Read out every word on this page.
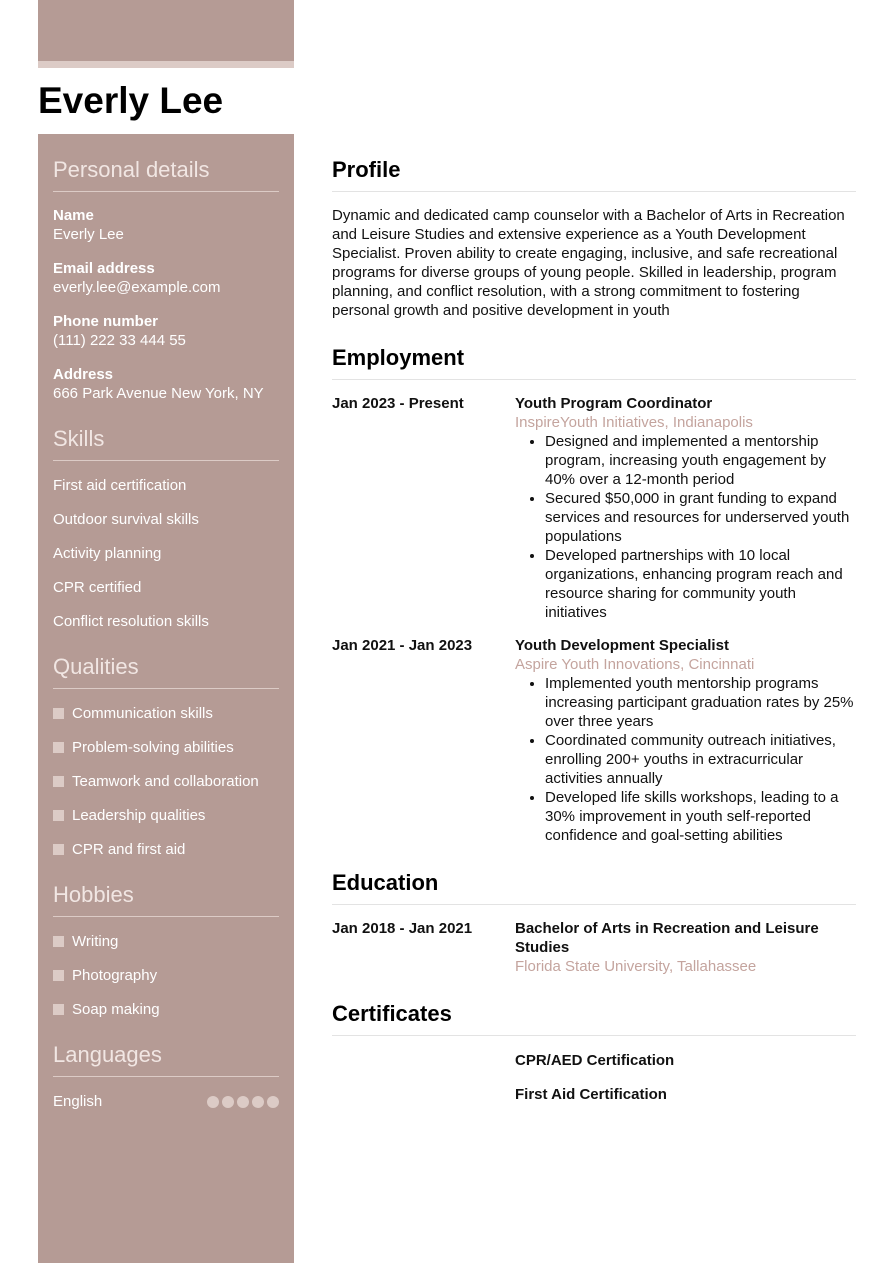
Everly Lee
Personal details
Name
Everly Lee
Email address
everly.lee@example.com
Phone number
(111) 222 33 444 55
Address
666 Park Avenue New York, NY
Skills
First aid certification
Outdoor survival skills
Activity planning
CPR certified
Conflict resolution skills
Qualities
Communication skills
Problem-solving abilities
Teamwork and collaboration
Leadership qualities
CPR and first aid
Hobbies
Writing
Photography
Soap making
Languages
English
Profile

Dynamic and dedicated camp counselor with a Bachelor of Arts in Recreation and Leisure Studies and extensive experience as a Youth Development Specialist. Proven ability to create engaging, inclusive, and safe recreational programs for diverse groups of young people. Skilled in leadership, program planning, and conflict resolution, with a strong commitment to fostering personal growth and positive development in youth

Employment
Jan 2023 - Present	Youth Program Coordinator
InspireYouth Initiatives, Indianapolis
• Designed and implemented a mentorship program, increasing youth engagement by 40% over a 12-month period
• Secured $50,000 in grant funding to expand services and resources for underserved youth populations
• Developed partnerships with 10 local organizations, enhancing program reach and resource sharing for community youth initiatives
Jan 2021 - Jan 2023	Youth Development Specialist
Aspire Youth Innovations, Cincinnati
• Implemented youth mentorship programs increasing participant graduation rates by 25% over three years
• Coordinated community outreach initiatives, enrolling 200+ youths in extracurricular activities annually
• Developed life skills workshops, leading to a 30% improvement in youth self-reported confidence and goal-setting abilities
Education
Jan 2018 - Jan 2021	Bachelor of Arts in Recreation and Leisure Studies
Florida State University, Tallahassee
Certificates
CPR/AED Certification
First Aid Certification
